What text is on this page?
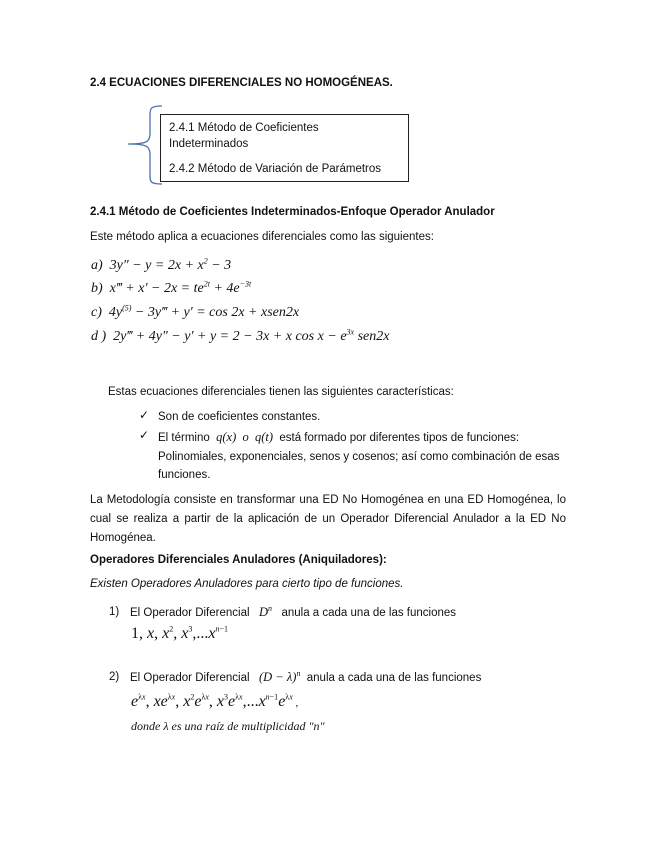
2.4 ECUACIONES DIFERENCIALES NO HOMOGÉNEAS.
2.4.1 Método de Coeficientes
Indeterminados
2.4.2 Método de Variación de Parámetros
2.4.1 Método de Coeficientes Indeterminados-Enfoque Operador Anulador
Este método aplica a ecuaciones diferenciales como las siguientes:
a)  $3y'' - y = 2x + x^2 - 3$
b) x‴ + $x' - 2x = te^{2t} + 4e^{-3t}$
c)  $4y^{(5)}$ − 3y‴ + y′ = cos 2x + xsen2x
d )  2y‴ + 4y″ − y′ + y = 2 − 3x + x $\cos x - e^{3x}$ sen2x
Estas ecuaciones diferenciales tienen las siguientes características:
✓ Son de coeficientes constantes.
✓ El término  q(x)  o  q(t)  está formado por diferentes tipos de funciones:
Polinomiales, exponenciales, senos y cosenos; así como combinación de esas
funciones.
La Metodología consiste en transformar una ED No Homogénea en una ED Homogénea, lo cual se realiza a partir de la aplicación de un Operador Diferencial Anulador a la ED No Homogénea.
Operadores Diferenciales Anuladores (Aniquiladores):
Existen Operadores Anuladores para cierto tipo de funciones.
1) El Operador Diferencial   $D^n$ anula a cada una de las funciones
1, x, $x^2$, $x^3,...x^{n-1}$
2) El Operador Diferencial   $(D - \lambda)^n$ anula a cada una de las funciones
$e^{\lambda x}$, $xe^{\lambda x}$, $x^2e^{\lambda x}$, $x^3e^{\lambda x},...x^{n-1}e^{\lambda x}$ ,
donde λ es una raíz de multiplicidad "n"
